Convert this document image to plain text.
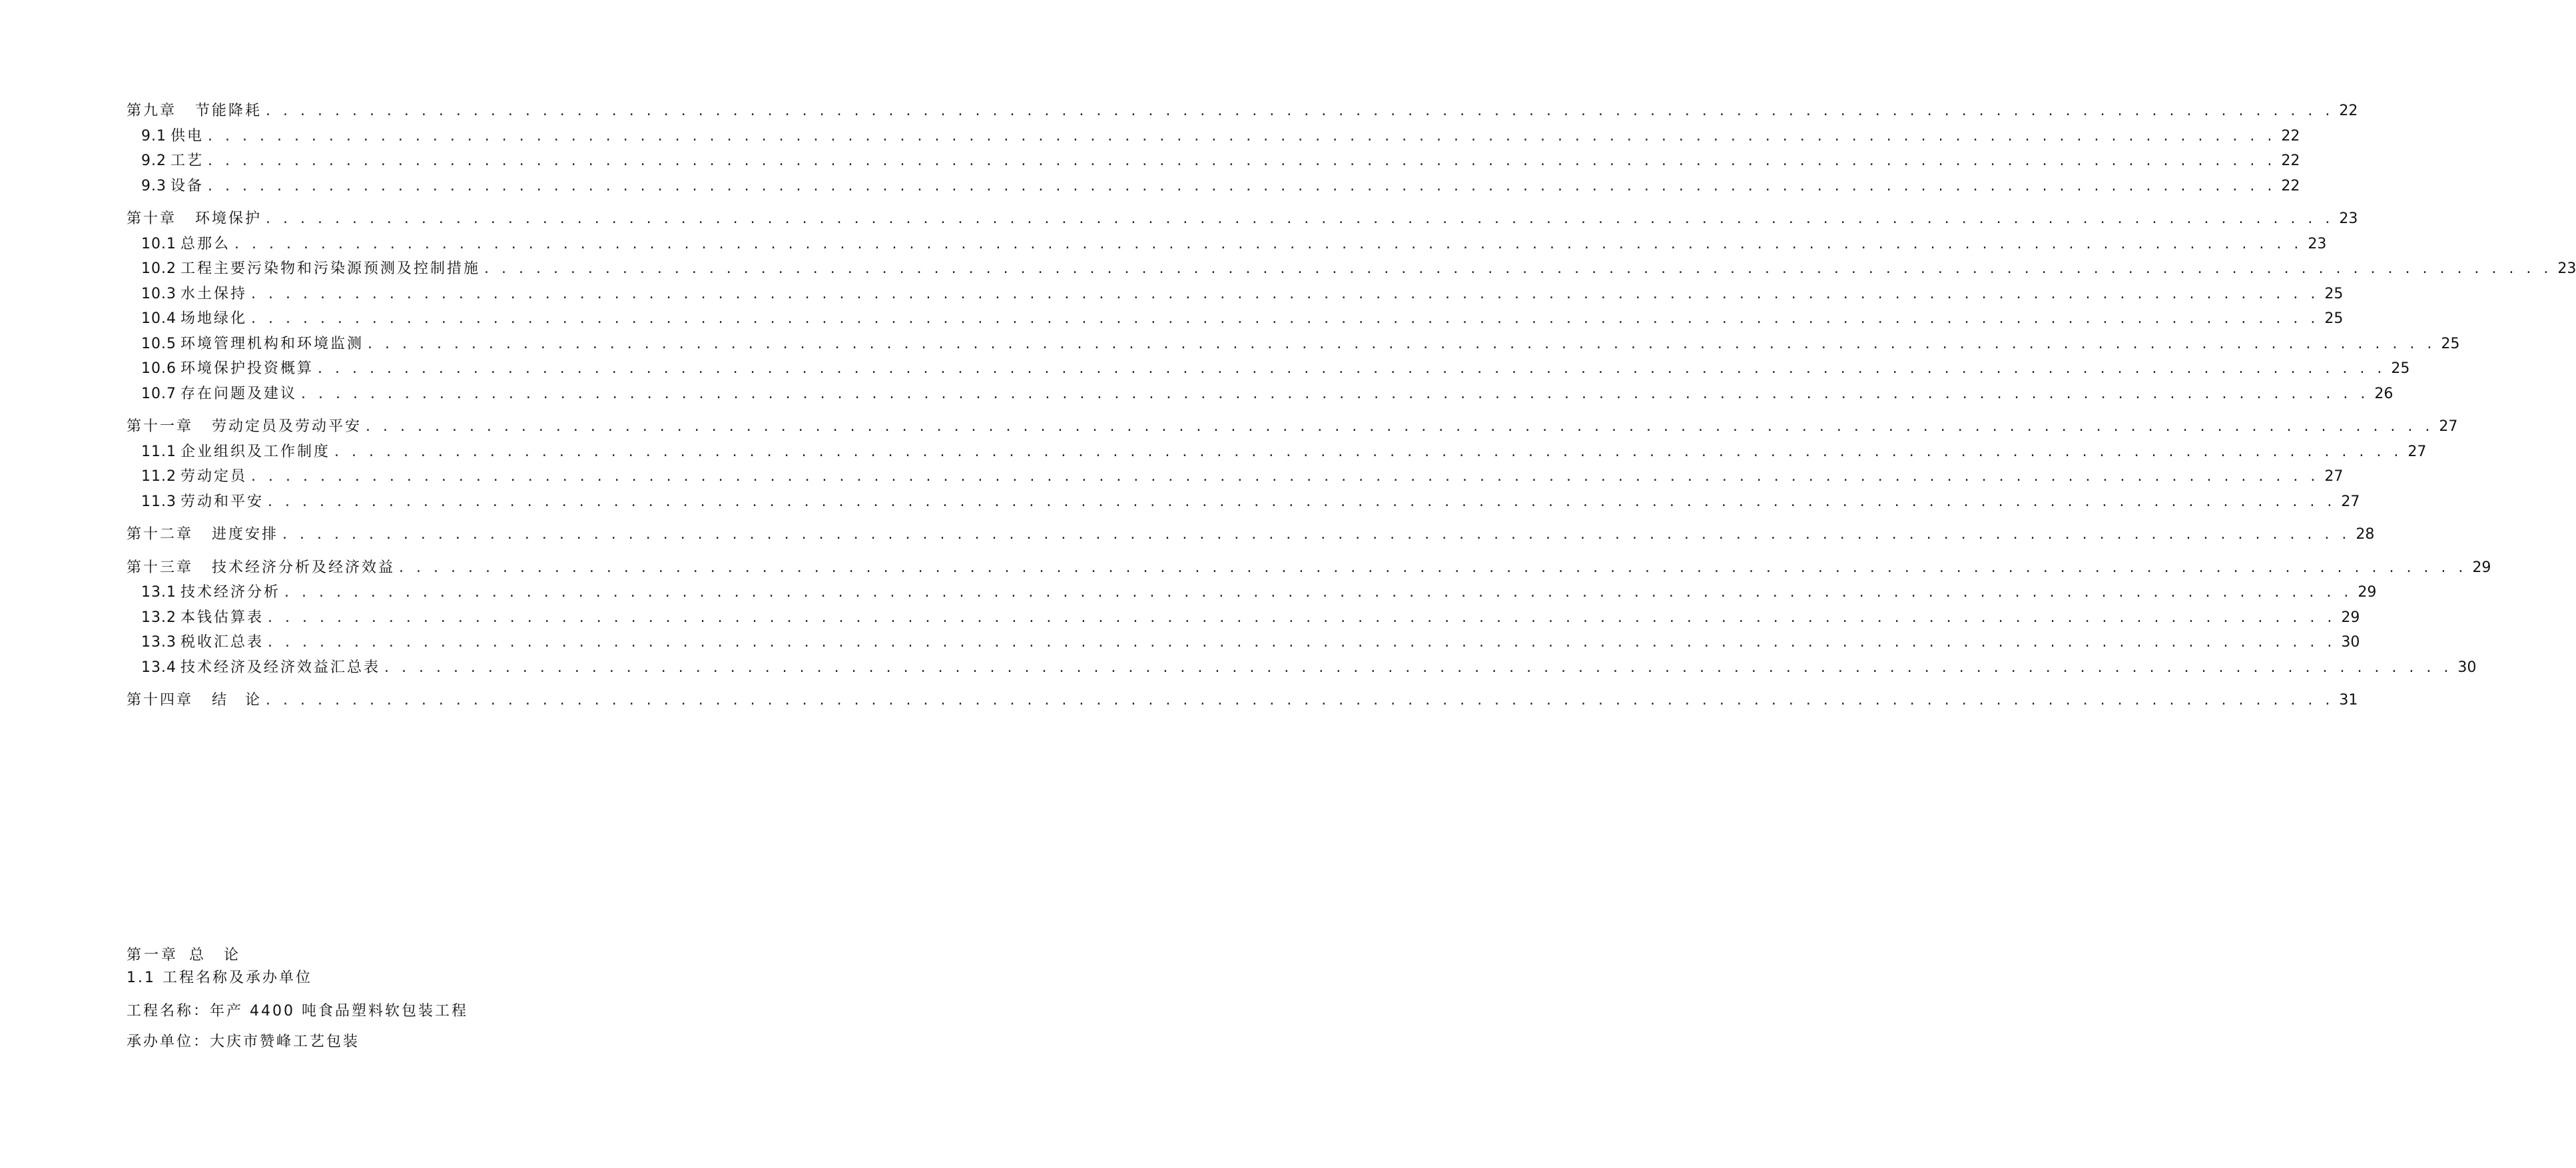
第九章 节能降耗 . . . . . . . . . . . . . . . . . . . . . . . . . . . . . . . . . . . . . . . . . . . . . . . . . . . . . . . . . . . . . . . . . . . . . . . . . . . . . . . . . . . . . . . . . . . . . . . . . . . . . . . . . . . . . . . . . . . . . . . . 22
9.1 供电 . . . . . . . . . . . . . . . . . . . . . . . . . . . . . . . . . . . . . . . . . . . . . . . . . . . . . . . . . . . . . . . . . . . . . . . . . . . . . . . . . . . . . . . . . . . . . . . . . . . . . . . . . . . . . . . . . . . . . . . . 22
9.2 工艺 . . . . . . . . . . . . . . . . . . . . . . . . . . . . . . . . . . . . . . . . . . . . . . . . . . . . . . . . . . . . . . . . . . . . . . . . . . . . . . . . . . . . . . . . . . . . . . . . . . . . . . . . . . . . . . . . . . . . . . . . 22
9.3 设备 . . . . . . . . . . . . . . . . . . . . . . . . . . . . . . . . . . . . . . . . . . . . . . . . . . . . . . . . . . . . . . . . . . . . . . . . . . . . . . . . . . . . . . . . . . . . . . . . . . . . . . . . . . . . . . . . . . . . . . . . 22
第十章 环境保护 . . . . . . . . . . . . . . . . . . . . . . . . . . . . . . . . . . . . . . . . . . . . . . . . . . . . . . . . . . . . . . . . . . . . . . . . . . . . . . . . . . . . . . . . . . . . . . . . . . . . . . . . . . . . . . . . . . . . . . . . 23
10.1 总那么 . . . . . . . . . . . . . . . . . . . . . . . . . . . . . . . . . . . . . . . . . . . . . . . . . . . . . . . . . . . . . . . . . . . . . . . . . . . . . . . . . . . . . . . . . . . . . . . . . . . . . . . . . . . . . . . . . . . . . . . . 23
10.2 工程主要污染物和污染源预测及控制措施 . . . . . . . . . . . . . . . . . . . . . . . . . . . . . . . . . . . . . . . . . . . . . . . . . . . . . . . . . . . . . . . . . . . . . . . . . . . . . . . . . . . . . . . . . . . . . . . . . . . . . . . . . . . . . . . . . . . . . . . . 23
10.3 水土保持 . . . . . . . . . . . . . . . . . . . . . . . . . . . . . . . . . . . . . . . . . . . . . . . . . . . . . . . . . . . . . . . . . . . . . . . . . . . . . . . . . . . . . . . . . . . . . . . . . . . . . . . . . . . . . . . . . . . . . . . . 25
10.4 场地绿化 . . . . . . . . . . . . . . . . . . . . . . . . . . . . . . . . . . . . . . . . . . . . . . . . . . . . . . . . . . . . . . . . . . . . . . . . . . . . . . . . . . . . . . . . . . . . . . . . . . . . . . . . . . . . . . . . . . . . . . . . 25
10.5 环境管理机构和环境监测 . . . . . . . . . . . . . . . . . . . . . . . . . . . . . . . . . . . . . . . . . . . . . . . . . . . . . . . . . . . . . . . . . . . . . . . . . . . . . . . . . . . . . . . . . . . . . . . . . . . . . . . . . . . . . . . . . . . . . . . . 25
10.6 环境保护投资概算 . . . . . . . . . . . . . . . . . . . . . . . . . . . . . . . . . . . . . . . . . . . . . . . . . . . . . . . . . . . . . . . . . . . . . . . . . . . . . . . . . . . . . . . . . . . . . . . . . . . . . . . . . . . . . . . . . . . . . . . . 25
10.7 存在问题及建议 . . . . . . . . . . . . . . . . . . . . . . . . . . . . . . . . . . . . . . . . . . . . . . . . . . . . . . . . . . . . . . . . . . . . . . . . . . . . . . . . . . . . . . . . . . . . . . . . . . . . . . . . . . . . . . . . . . . . . . . . 26
第十一章 劳动定员及劳动平安 . . . . . . . . . . . . . . . . . . . . . . . . . . . . . . . . . . . . . . . . . . . . . . . . . . . . . . . . . . . . . . . . . . . . . . . . . . . . . . . . . . . . . . . . . . . . . . . . . . . . . . . . . . . . . . . . . . . . . . . . 27
11.1 企业组织及工作制度 . . . . . . . . . . . . . . . . . . . . . . . . . . . . . . . . . . . . . . . . . . . . . . . . . . . . . . . . . . . . . . . . . . . . . . . . . . . . . . . . . . . . . . . . . . . . . . . . . . . . . . . . . . . . . . . . . . . . . . . . 27
11.2 劳动定员 . . . . . . . . . . . . . . . . . . . . . . . . . . . . . . . . . . . . . . . . . . . . . . . . . . . . . . . . . . . . . . . . . . . . . . . . . . . . . . . . . . . . . . . . . . . . . . . . . . . . . . . . . . . . . . . . . . . . . . . . 27
11.3 劳动和平安 . . . . . . . . . . . . . . . . . . . . . . . . . . . . . . . . . . . . . . . . . . . . . . . . . . . . . . . . . . . . . . . . . . . . . . . . . . . . . . . . . . . . . . . . . . . . . . . . . . . . . . . . . . . . . . . . . . . . . . . . 27
第十二章 进度安排 . . . . . . . . . . . . . . . . . . . . . . . . . . . . . . . . . . . . . . . . . . . . . . . . . . . . . . . . . . . . . . . . . . . . . . . . . . . . . . . . . . . . . . . . . . . . . . . . . . . . . . . . . . . . . . . . . . . . . . . . 28
第十三章 技术经济分析及经济效益 . . . . . . . . . . . . . . . . . . . . . . . . . . . . . . . . . . . . . . . . . . . . . . . . . . . . . . . . . . . . . . . . . . . . . . . . . . . . . . . . . . . . . . . . . . . . . . . . . . . . . . . . . . . . . . . . . . . . . . . . 29
13.1 技术经济分析 . . . . . . . . . . . . . . . . . . . . . . . . . . . . . . . . . . . . . . . . . . . . . . . . . . . . . . . . . . . . . . . . . . . . . . . . . . . . . . . . . . . . . . . . . . . . . . . . . . . . . . . . . . . . . . . . . . . . . . . . 29
13.2 本钱估算表 . . . . . . . . . . . . . . . . . . . . . . . . . . . . . . . . . . . . . . . . . . . . . . . . . . . . . . . . . . . . . . . . . . . . . . . . . . . . . . . . . . . . . . . . . . . . . . . . . . . . . . . . . . . . . . . . . . . . . . . . 29
13.3 税收汇总表 . . . . . . . . . . . . . . . . . . . . . . . . . . . . . . . . . . . . . . . . . . . . . . . . . . . . . . . . . . . . . . . . . . . . . . . . . . . . . . . . . . . . . . . . . . . . . . . . . . . . . . . . . . . . . . . . . . . . . . . . 30
13.4 技术经济及经济效益汇总表 . . . . . . . . . . . . . . . . . . . . . . . . . . . . . . . . . . . . . . . . . . . . . . . . . . . . . . . . . . . . . . . . . . . . . . . . . . . . . . . . . . . . . . . . . . . . . . . . . . . . . . . . . . . . . . . . . . . . . . . . 30
第十四章 结　论 . . . . . . . . . . . . . . . . . . . . . . . . . . . . . . . . . . . . . . . . . . . . . . . . . . . . . . . . . . . . . . . . . . . . . . . . . . . . . . . . . . . . . . . . . . . . . . . . . . . . . . . . . . . . . . . . . . . . . . . . 31
第一章 总　论
1.1 工程名称及承办单位
工程名称：年产 4400 吨食品塑料软包装工程
承办单位：大庆市赞峰工艺包装
